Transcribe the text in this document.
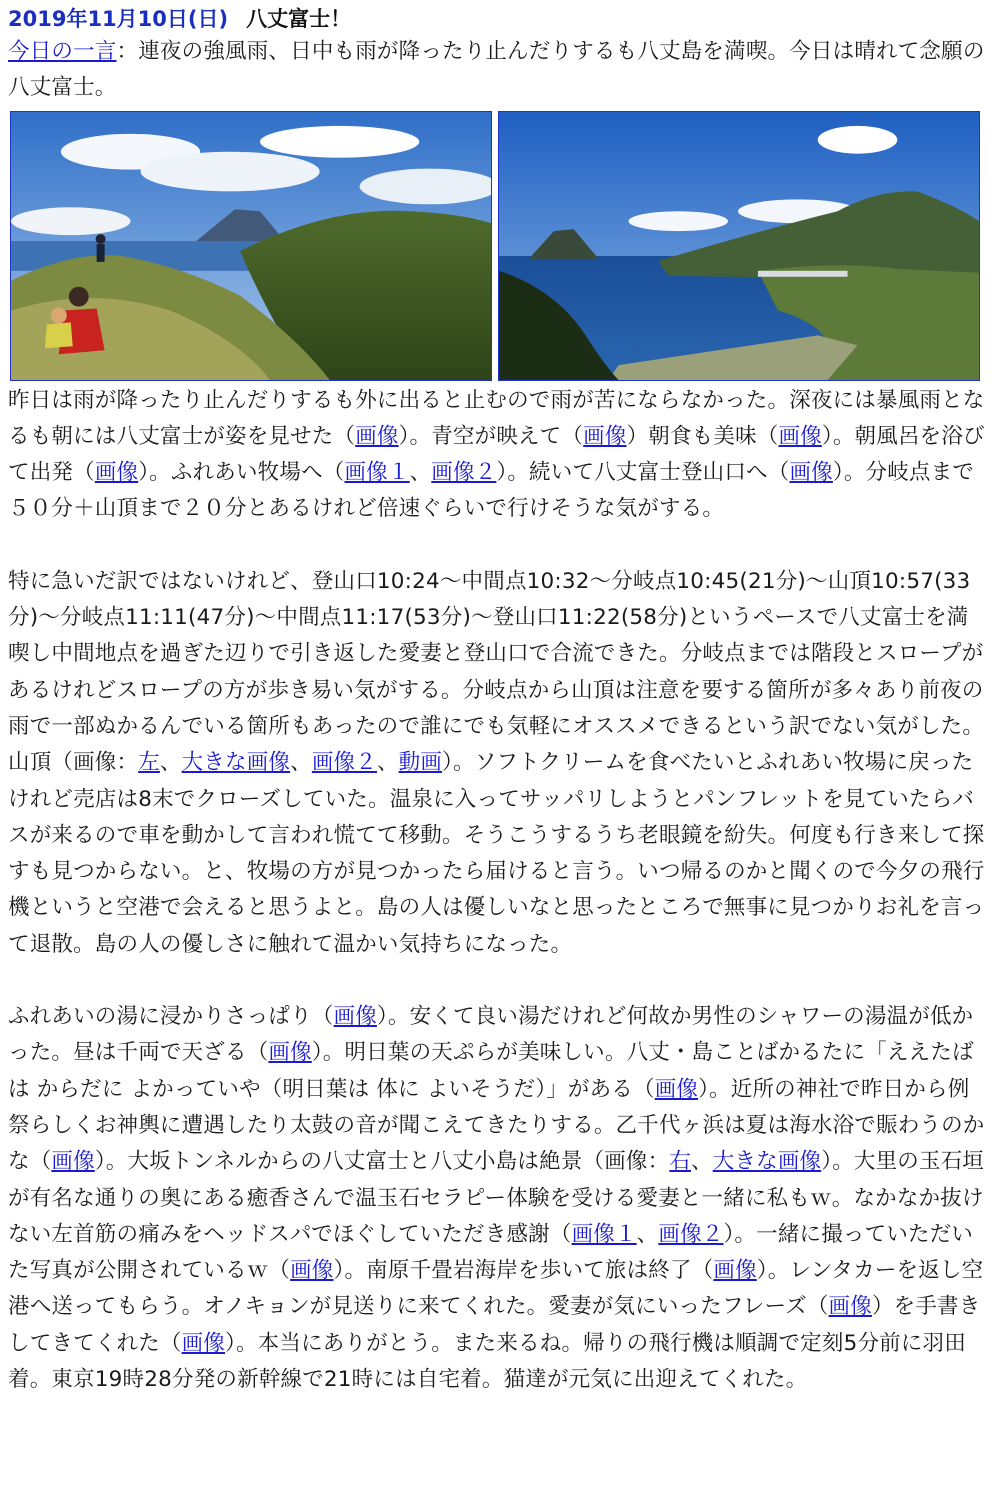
2019年11月10日(日) 八丈富士！

今日の一言：連夜の強風雨、日中も雨が降ったり止んだりするも八丈島を満喫。今日は晴れて念願の八丈富士。

昨日は雨が降ったり止んだりするも外に出ると止むので雨が苦にならなかった。深夜には暴風雨となるも朝には八丈富士が姿を見せた（画像）。青空が映えて（画像）朝食も美味（画像）。朝風呂を浴びて出発（画像）。ふれあい牧場へ（画像１、画像２）。続いて八丈富士登山口へ（画像）。分岐点まで５０分＋山頂まで２０分とあるけれど倍速ぐらいで行けそうな気がする。

特に急いだ訳ではないけれど、登山口10:24〜中間点10:32〜分岐点10:45(21分)〜山頂10:57(33分)〜分岐点11:11(47分)〜中間点11:17(53分)〜登山口11:22(58分)というペースで八丈富士を満喫し中間地点を過ぎた辺りで引き返した愛妻と登山口で合流できた。分岐点までは階段とスロープがあるけれどスロープの方が歩き易い気がする。分岐点から山頂は注意を要する箇所が多々あり前夜の雨で一部ぬかるんでいる箇所もあったので誰にでも気軽にオススメできるという訳でない気がした。山頂（画像：左、大きな画像、画像２、動画）。ソフトクリームを食べたいとふれあい牧場に戻ったけれど売店は8末でクローズしていた。温泉に入ってサッパリしようとパンフレットを見ていたらバスが来るので車を動かして言われ慌てて移動。そうこうするうち老眼鏡を紛失。何度も行き来して探すも見つからない。と、牧場の方が見つかったら届けると言う。いつ帰るのかと聞くので今夕の飛行機というと空港で会えると思うよと。島の人は優しいなと思ったところで無事に見つかりお礼を言って退散。島の人の優しさに触れて温かい気持ちになった。

ふれあいの湯に浸かりさっぱり（画像）。安くて良い湯だけれど何故か男性のシャワーの湯温が低かった。昼は千両で天ざる（画像）。明日葉の天ぷらが美味しい。八丈・島ことばかるたに「ええたばは からだに よかっていや（明日葉は 体に よいそうだ）」がある（画像）。近所の神社で昨日から例祭らしくお神輿に遭遇したり太鼓の音が聞こえてきたりする。乙千代ヶ浜は夏は海水浴で賑わうのかな（画像）。大坂トンネルからの八丈富士と八丈小島は絶景（画像：右、大きな画像）。大里の玉石垣が有名な通りの奥にある癒香さんで温玉石セラピー体験を受ける愛妻と一緒に私もｗ。なかなか抜けない左首筋の痛みをヘッドスパでほぐしていただき感謝（画像１、画像２）。一緒に撮っていただいた写真が公開されているｗ（画像）。南原千畳岩海岸を歩いて旅は終了（画像）。レンタカーを返し空港へ送ってもらう。オノキョンが見送りに来てくれた。愛妻が気にいったフレーズ（画像）を手書きしてきてくれた（画像）。本当にありがとう。また来るね。帰りの飛行機は順調で定刻5分前に羽田着。東京19時28分発の新幹線で21時には自宅着。猫達が元気に出迎えてくれた。
